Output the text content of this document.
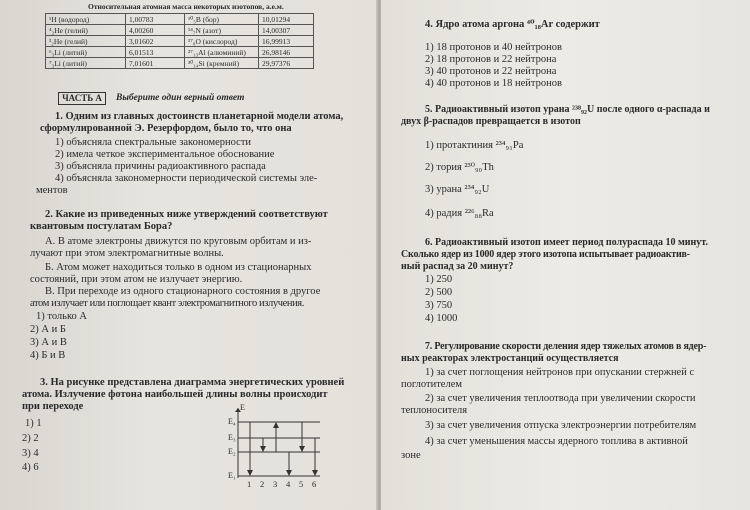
Относительная атомная масса некоторых изотопов, а.е.м.
¹H (водород)	1,00783	¹⁰₅B (бор)	10,01294
⁴₂He (гелий)	4,00260	¹⁴₇N (азот)	14,00307
³₂He (гелий)	3,01602	¹⁷₈O (кислород)	16,99913
⁶₃Li (литий)	6,01513	²⁷₁₃Al (алюминий)	26,98146
⁷₃Li (литий)	7,01601	³⁰₁₄Si (кремний)	29,97376
ЧАСТЬ А	Выберите один верный ответ
1. Одним из главных достоинств планетарной модели атома,
сформулированной Э. Резерфордом, было то, что она
1) объясняла спектральные закономерности
2) имела четкое экспериментальное обоснование
3) объясняла причины радиоактивного распада
4) объясняла закономерности периодической системы эле-
ментов
2. Какие из приведенных ниже утверждений соответствуют
квантовым постулатам Бора?
А. В атоме электроны движутся по круговым орбитам и из-
лучают при этом электромагнитные волны.
Б. Атом может находиться только в одном из стационарных
состояний, при этом атом не излучает энергию.
В. При переходе из одного стационарного состояния в другое
атом излучает или поглощает квант электромагнитного излучения.
1) только А
2) А и Б
3) А и В
4) Б и В
3. На рисунке представлена диаграмма энергетических уровней
атома. Излучение фотона наибольшей длины волны происходит
при переходе
1) 1
2) 2
3) 4
4) 6
E
E₄
E₃
E₂
E₁
1 2 3 4 5 6
4. Ядро атома аргона ⁴⁰₁₈Ar содержит
1) 18 протонов и 40 нейтронов
2) 18 протонов и 22 нейтрона
3) 40 протонов и 22 нейтрона
4) 40 протонов и 18 нейтронов
5. Радиоактивный изотоп урана ²³⁸₉₂U после одного α-распада и
двух β-распадов превращается в изотоп
1) протактиния ²³⁴₉₁Pa
2) тория ²³⁰₉₀Th
3) урана ²³⁴₉₂U
4) радия ²²⁶₈₈Ra
6. Радиоактивный изотоп имеет период полураспада 10 минут.
Сколько ядер из 1000 ядер этого изотопа испытывает радиоактив-
ный распад за 20 минут?
1) 250
2) 500
3) 750
4) 1000
7. Регулирование скорости деления ядер тяжелых атомов в ядер-
ных реакторах электростанций осуществляется
1) за счет поглощения нейтронов при опускании стержней с
поглотителем
2) за счет увеличения теплоотвода при увеличении скорости
теплоносителя
3) за счет увеличения отпуска электроэнергии потребителям
4) за счет уменьшения массы ядерного топлива в активной
зоне
